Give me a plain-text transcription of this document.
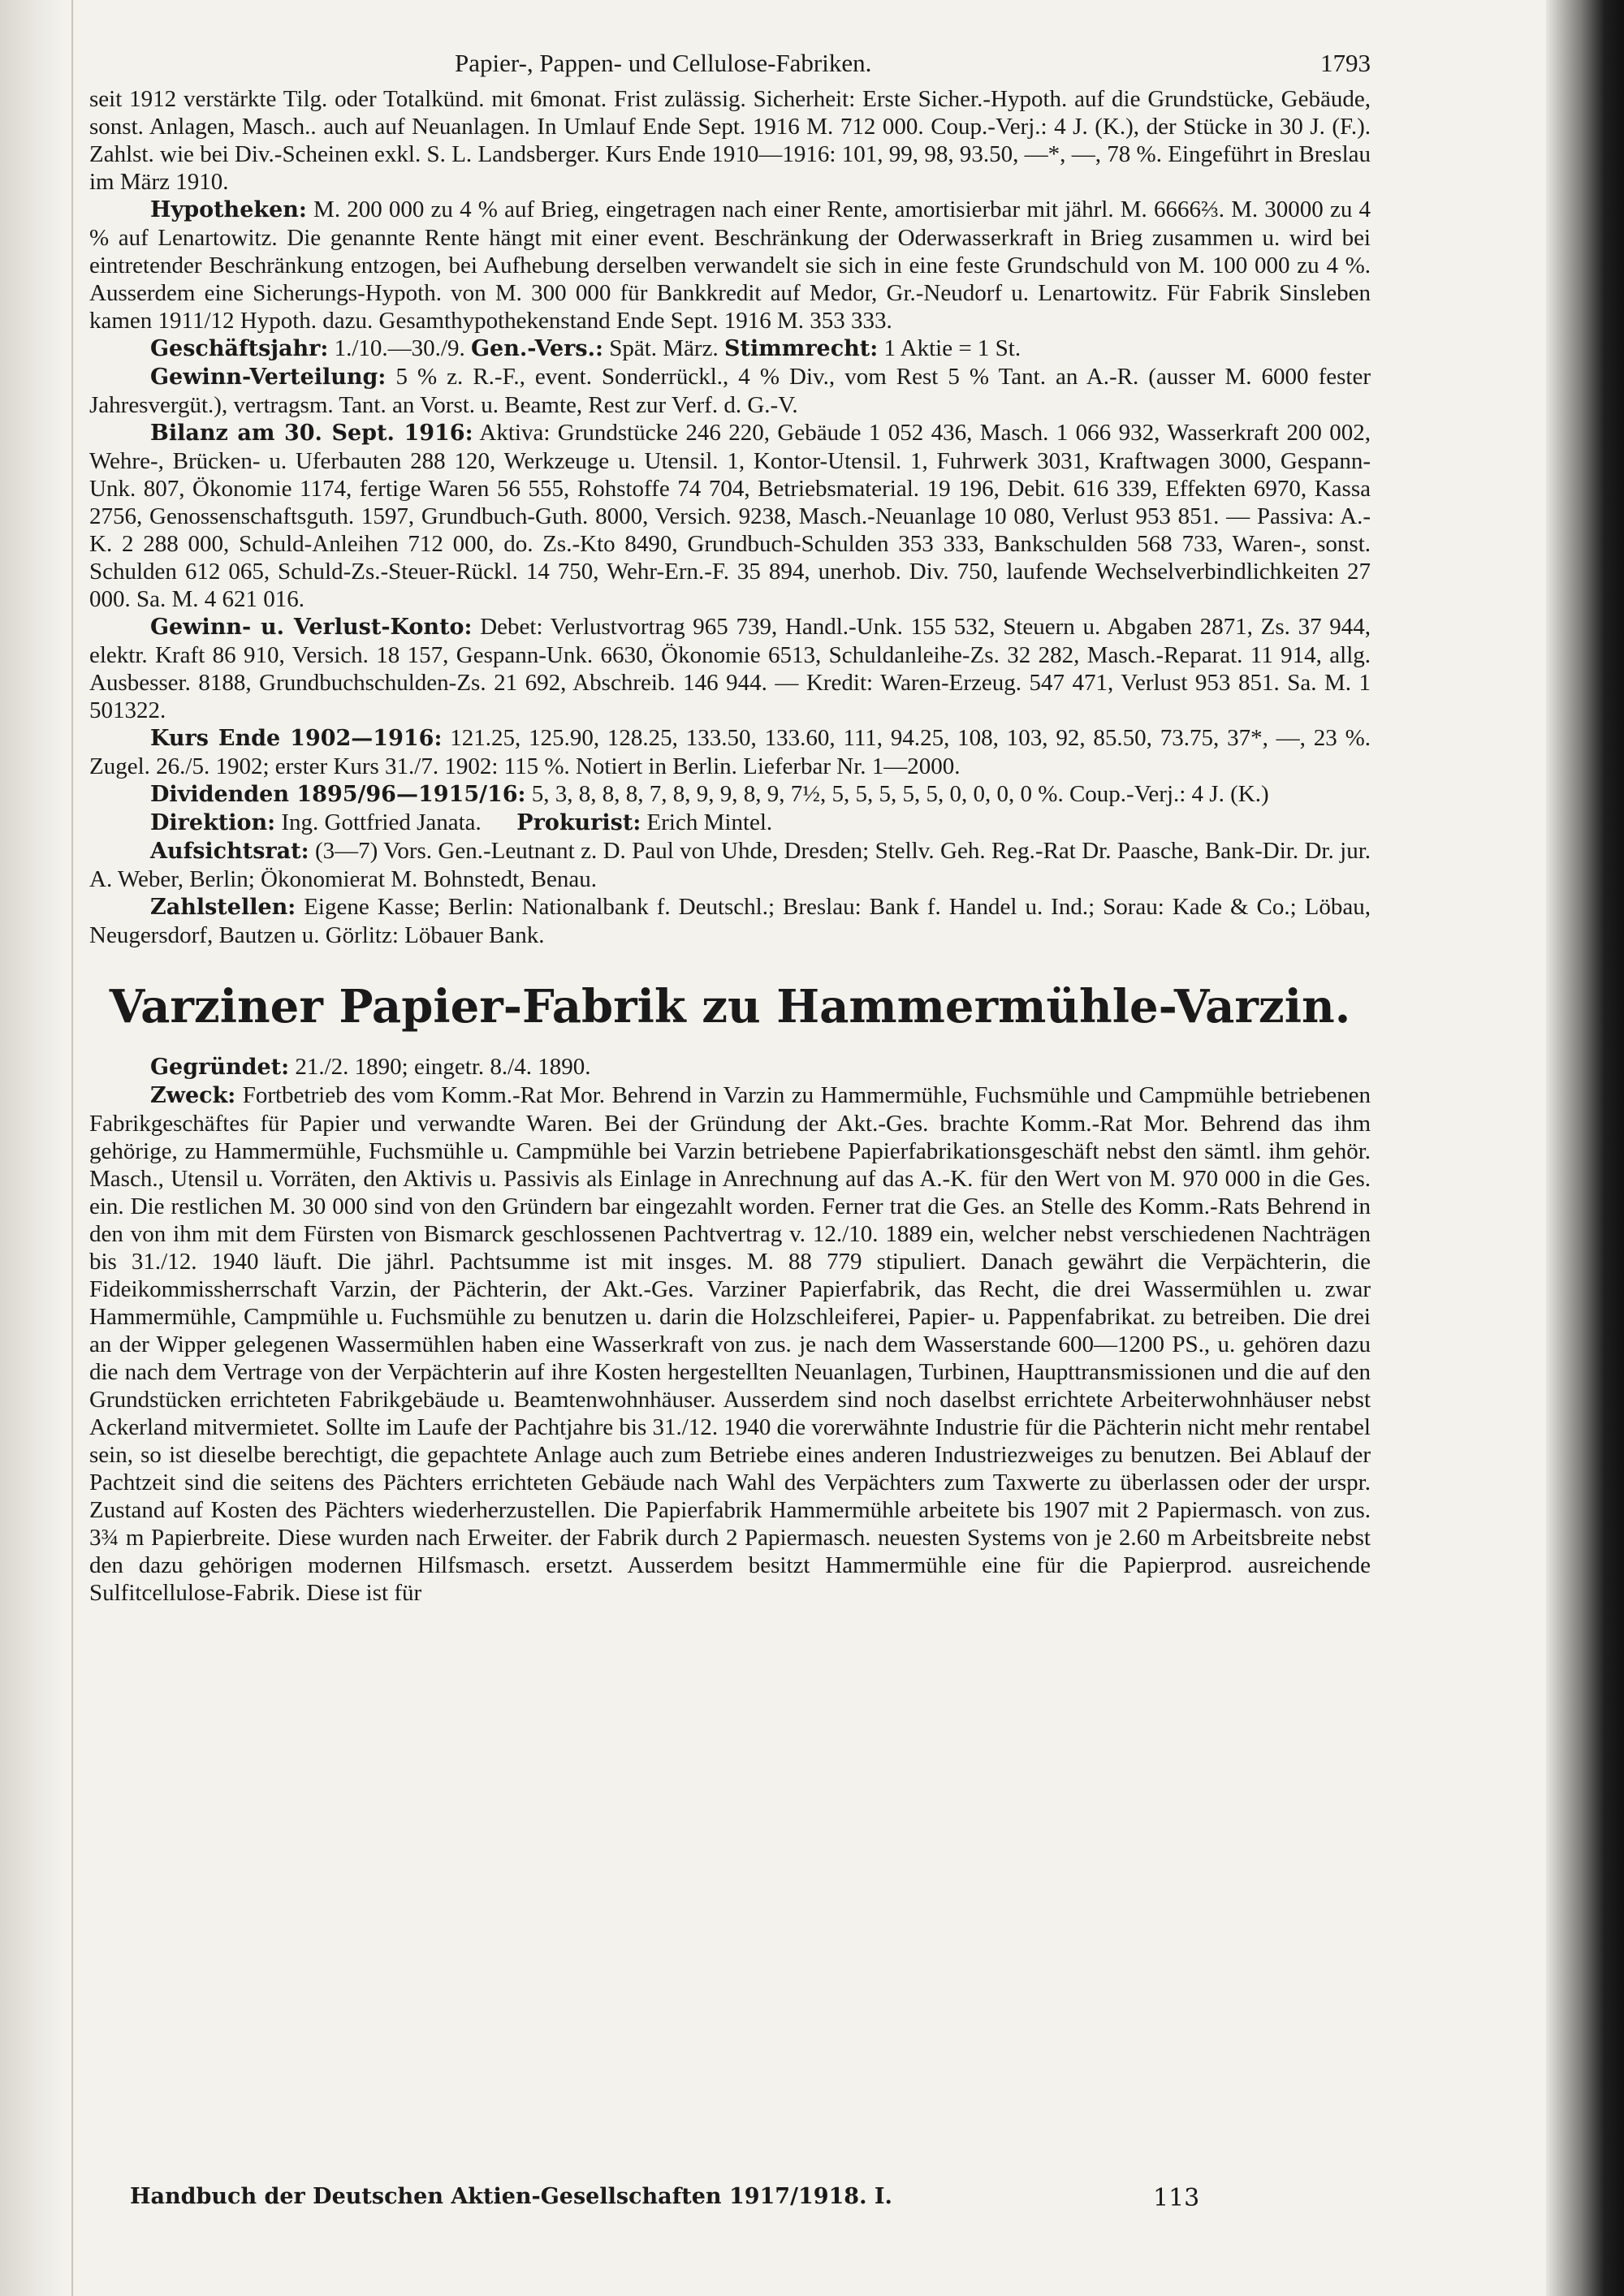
Papier-, Pappen- und Cellulose-Fabriken.	1793

seit 1912 verstärkte Tilg. oder Totalkünd. mit 6monat. Frist zulässig. Sicherheit: Erste Sicher.-Hypoth. auf die Grundstücke, Gebäude, sonst. Anlagen, Masch.. auch auf Neuanlagen. In Umlauf Ende Sept. 1916 M. 712 000. Coup.-Verj.: 4 J. (K.), der Stücke in 30 J. (F.). Zahlst. wie bei Div.-Scheinen exkl. S. L. Landsberger. Kurs Ende 1910—1916: 101, 99, 98, 93.50, —*, —, 78 %. Eingeführt in Breslau im März 1910.

Hypotheken: M. 200 000 zu 4 % auf Brieg, eingetragen nach einer Rente, amortisierbar mit jährl. M. 6666⅔. M. 30000 zu 4 % auf Lenartowitz. Die genannte Rente hängt mit einer event. Beschränkung der Oderwasserkraft in Brieg zusammen u. wird bei eintretender Beschränkung entzogen, bei Aufhebung derselben verwandelt sie sich in eine feste Grundschuld von M. 100 000 zu 4 %. Ausserdem eine Sicherungs-Hypoth. von M. 300 000 für Bankkredit auf Medor, Gr.-Neudorf u. Lenartowitz. Für Fabrik Sinsleben kamen 1911/12 Hypoth. dazu. Gesamthypothekenstand Ende Sept. 1916 M. 353 333.

Geschäftsjahr: 1./10.—30./9. Gen.-Vers.: Spät. März. Stimmrecht: 1 Aktie = 1 St.

Gewinn-Verteilung: 5 % z. R.-F., event. Sonderrückl., 4 % Div., vom Rest 5 % Tant. an A.-R. (ausser M. 6000 fester Jahresvergüt.), vertragsm. Tant. an Vorst. u. Beamte, Rest zur Verf. d. G.-V.

Bilanz am 30. Sept. 1916: Aktiva: Grundstücke 246 220, Gebäude 1 052 436, Masch. 1 066 932, Wasserkraft 200 002, Wehre-, Brücken- u. Uferbauten 288 120, Werkzeuge u. Utensil. 1, Kontor-Utensil. 1, Fuhrwerk 3031, Kraftwagen 3000, Gespann-Unk. 807, Ökonomie 1174, fertige Waren 56 555, Rohstoffe 74 704, Betriebsmaterial. 19 196, Debit. 616 339, Effekten 6970, Kassa 2756, Genossenschaftsguth. 1597, Grundbuch-Guth. 8000, Versich. 9238, Masch.-Neuanlage 10 080, Verlust 953 851. — Passiva: A.-K. 2 288 000, Schuld-Anleihen 712 000, do. Zs.-Kto 8490, Grundbuch-Schulden 353 333, Bankschulden 568 733, Waren-, sonst. Schulden 612 065, Schuld-Zs.-Steuer-Rückl. 14 750, Wehr-Ern.-F. 35 894, unerhob. Div. 750, laufende Wechselverbindlichkeiten 27 000. Sa. M. 4 621 016.

Gewinn- u. Verlust-Konto: Debet: Verlustvortrag 965 739, Handl.-Unk. 155 532, Steuern u. Abgaben 2871, Zs. 37 944, elektr. Kraft 86 910, Versich. 18 157, Gespann-Unk. 6630, Ökonomie 6513, Schuldanleihe-Zs. 32 282, Masch.-Reparat. 11 914, allg. Ausbesser. 8188, Grundbuchschulden-Zs. 21 692, Abschreib. 146 944. — Kredit: Waren-Erzeug. 547 471, Verlust 953 851. Sa. M. 1 501322.

Kurs Ende 1902—1916: 121.25, 125.90, 128.25, 133.50, 133.60, 111, 94.25, 108, 103, 92, 85.50, 73.75, 37*, —, 23 %. Zugel. 26./5. 1902; erster Kurs 31./7. 1902: 115 %. Notiert in Berlin. Lieferbar Nr. 1—2000.

Dividenden 1895/96—1915/16: 5, 3, 8, 8, 8, 7, 8, 9, 9, 8, 9, 7½, 5, 5, 5, 5, 5, 0, 0, 0, 0 %. Coup.-Verj.: 4 J. (K.)

Direktion: Ing. Gottfried Janata. Prokurist: Erich Mintel.

Aufsichtsrat: (3—7) Vors. Gen.-Leutnant z. D. Paul von Uhde, Dresden; Stellv. Geh. Reg.-Rat Dr. Paasche, Bank-Dir. Dr. jur. A. Weber, Berlin; Ökonomierat M. Bohnstedt, Benau.

Zahlstellen: Eigene Kasse; Berlin: Nationalbank f. Deutschl.; Breslau: Bank f. Handel u. Ind.; Sorau: Kade & Co.; Löbau, Neugersdorf, Bautzen u. Görlitz: Löbauer Bank.

Varziner Papier-Fabrik zu Hammermühle-Varzin.

Gegründet: 21./2. 1890; eingetr. 8./4. 1890.

Zweck: Fortbetrieb des vom Komm.-Rat Mor. Behrend in Varzin zu Hammermühle, Fuchsmühle und Campmühle betriebenen Fabrikgeschäftes für Papier und verwandte Waren. Bei der Gründung der Akt.-Ges. brachte Komm.-Rat Mor. Behrend das ihm gehörige, zu Hammermühle, Fuchsmühle u. Campmühle bei Varzin betriebene Papierfabrikationsgeschäft nebst den sämtl. ihm gehör. Masch., Utensil u. Vorräten, den Aktivis u. Passivis als Einlage in Anrechnung auf das A.-K. für den Wert von M. 970 000 in die Ges. ein. Die restlichen M. 30 000 sind von den Gründern bar eingezahlt worden. Ferner trat die Ges. an Stelle des Komm.-Rats Behrend in den von ihm mit dem Fürsten von Bismarck geschlossenen Pachtvertrag v. 12./10. 1889 ein, welcher nebst verschiedenen Nachträgen bis 31./12. 1940 läuft. Die jährl. Pachtsumme ist mit insges. M. 88 779 stipuliert. Danach gewährt die Verpächterin, die Fideikommissherrschaft Varzin, der Pächterin, der Akt.-Ges. Varziner Papierfabrik, das Recht, die drei Wassermühlen u. zwar Hammermühle, Campmühle u. Fuchsmühle zu benutzen u. darin die Holzschleiferei, Papier- u. Pappenfabrikat. zu betreiben. Die drei an der Wipper gelegenen Wassermühlen haben eine Wasserkraft von zus. je nach dem Wasserstande 600—1200 PS., u. gehören dazu die nach dem Vertrage von der Verpächterin auf ihre Kosten hergestellten Neuanlagen, Turbinen, Haupttransmissionen und die auf den Grundstücken errichteten Fabrikgebäude u. Beamtenwohnhäuser. Ausserdem sind noch daselbst errichtete Arbeiterwohnhäuser nebst Ackerland mitvermietet. Sollte im Laufe der Pachtjahre bis 31./12. 1940 die vorerwähnte Industrie für die Pächterin nicht mehr rentabel sein, so ist dieselbe berechtigt, die gepachtete Anlage auch zum Betriebe eines anderen Industriezweiges zu benutzen. Bei Ablauf der Pachtzeit sind die seitens des Pächters errichteten Gebäude nach Wahl des Verpächters zum Taxwerte zu überlassen oder der urspr. Zustand auf Kosten des Pächters wiederherzustellen. Die Papierfabrik Hammermühle arbeitete bis 1907 mit 2 Papiermasch. von zus. 3¾ m Papierbreite. Diese wurden nach Erweiter. der Fabrik durch 2 Papiermasch. neuesten Systems von je 2.60 m Arbeitsbreite nebst den dazu gehörigen modernen Hilfsmasch. ersetzt. Ausserdem besitzt Hammermühle eine für die Papierprod. ausreichende Sulfitcellulose-Fabrik. Diese ist für

Handbuch der Deutschen Aktien-Gesellschaften 1917/1918. I.	113
